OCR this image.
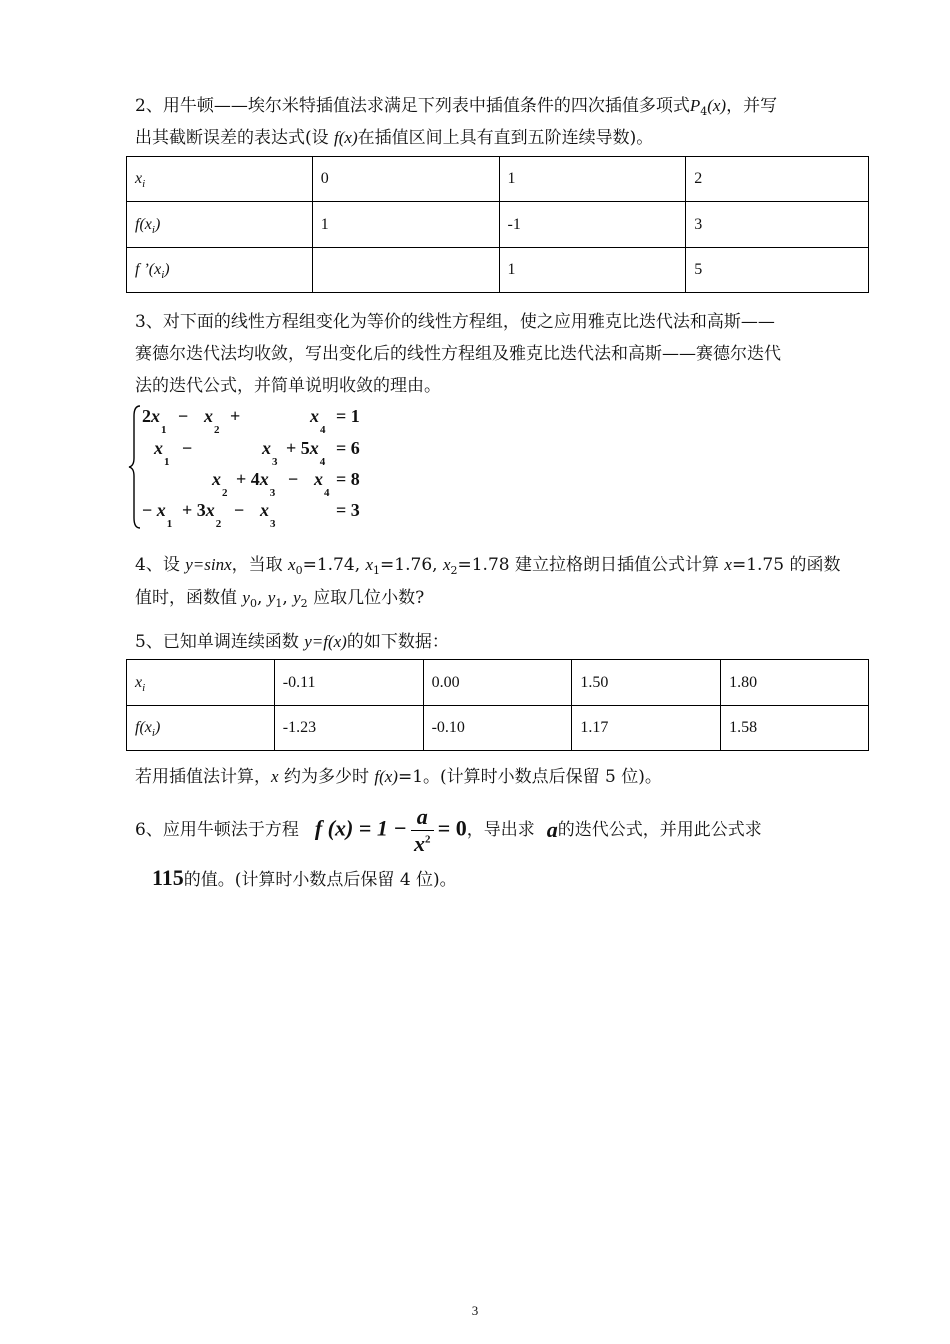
2、用牛顿——埃尔米特插值法求满足下列表中插值条件的四次插值多项式$P_4(x)$，并写
出其截断误差的表达式(设 f(x)在插值区间上具有直到五阶连续导数)。
$x_i$	0	1	2
$f(x_i)$	1	-1	3
f $’(x_i)$		1	5
3、对下面的线性方程组变化为等价的线性方程组，使之应用雅克比迭代法和高斯——
赛德尔迭代法均收敛，写出变化后的线性方程组及雅克比迭代法和高斯——赛德尔迭代
法的迭代公式，并简单说明收敛的理由。
2x1
− x2
+	x4
= 1
x1
−	x3
+ 5x4
= 6
x2
+ 4x3
− x4
= 8
− x1
+ 3x2
− x3
= 3
4、设 y=sinx，当取 $x_0=1.74$, $x_1=1.76$, $x_2=1.78$ 建立拉格朗日插值公式计算 x=1.75 的函数
值时，函数值 $y_0$, $y_1$, $y_2$ 应取几位小数?
5、已知单调连续函数 y=f(x)的如下数据：
$x_i$	-0.11	0.00	1.50	1.80
$f(x_i)$	-1.23	-0.10	1.17	1.58
若用插值法计算，x 约为多少时 f(x)=1。(计算时小数点后保留 5 位)。
6、应用牛顿法于方程 f $(x) = 1 - \frac{a}{x^2} = 0$ ，导出求 a 的迭代公式，并用此公式求
115的值。(计算时小数点后保留 4 位)。
3
